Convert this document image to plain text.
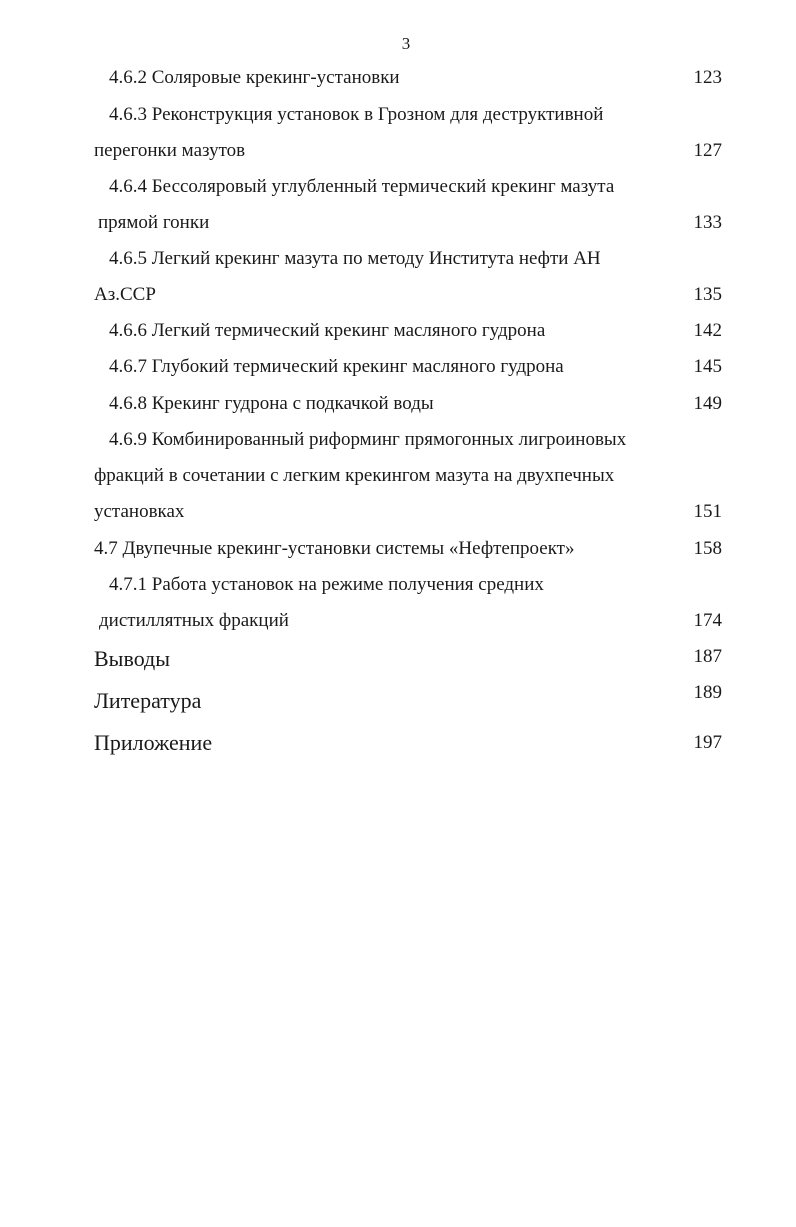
3
4.6.2 Соляровые крекинг-установки	123
4.6.3 Реконструкция установок в Грозном для деструктивной
перегонки мазутов	127
4.6.4 Бессоляровый углубленный термический крекинг мазута
прямой гонки	133
4.6.5 Легкий крекинг мазута по методу Института нефти АН
Аз.ССР	135
4.6.6 Легкий термический крекинг масляного гудрона	142
4.6.7 Глубокий термический крекинг масляного гудрона	145
4.6.8 Крекинг гудрона с подкачкой воды	149
4.6.9 Комбинированный риформинг прямогонных лигроиновых
фракций в сочетании с легким крекингом мазута на двухпечных
установках	151
4.7 Двупечные крекинг-установки системы «Нефтепроект»	158
4.7.1 Работа установок на режиме получения средних
дистиллятных фракций	174
Выводы	187
Литература	189
Приложение	197
